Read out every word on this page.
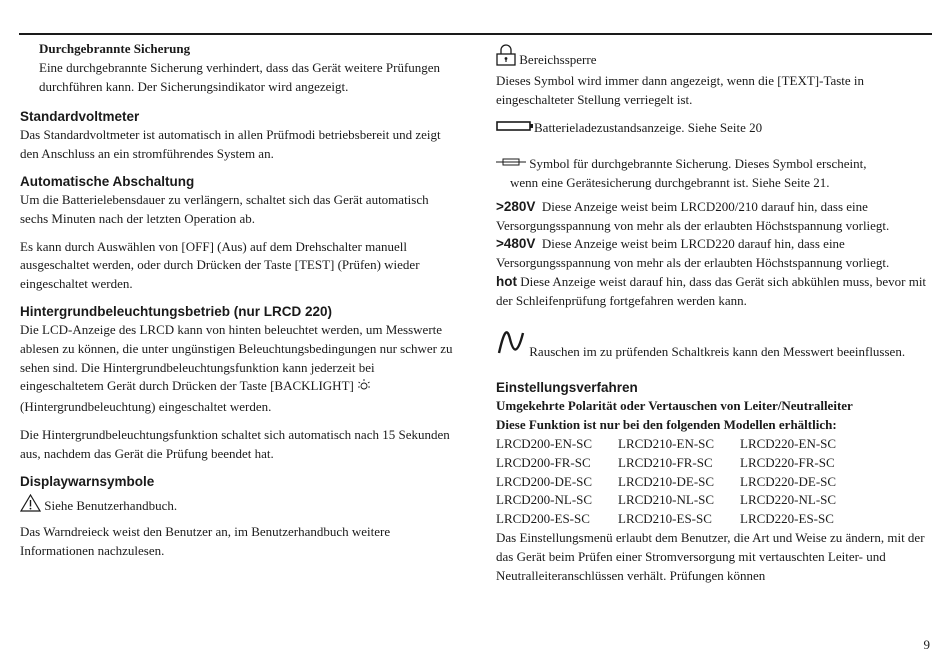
Durchgebrannte Sicherung

Eine durchgebrannte Sicherung verhindert, dass das Gerät weitere Prüfungen durchführen kann. Der Sicherungsindikator wird angezeigt.

Standardvoltmeter

Das Standardvoltmeter ist automatisch in allen Prüfmodi betriebsbereit und zeigt den Anschluss an ein stromführendes System an.

Automatische Abschaltung

Um die Batterielebensdauer zu verlängern, schaltet sich das Gerät automatisch sechs Minuten nach der letzten Operation ab.

Es kann durch Auswählen von [OFF] (Aus) auf dem Drehschalter manuell ausgeschaltet werden, oder durch Drücken der Taste [TEST] (Prüfen) wieder eingeschaltet werden.

Hintergrundbeleuchtungsbetrieb (nur LRCD 220)

Die LCD-Anzeige des LRCD kann von hinten beleuchtet werden, um Messwerte ablesen zu können, die unter ungünstigen Beleuchtungsbedingungen nur schwer zu sehen sind. Die Hintergrundbeleuchtungsfunktion kann jederzeit bei eingeschaltetem Gerät durch Drücken der Taste [BACKLIGHT]
(Hintergrundbeleuchtung) eingeschaltet werden.

Die Hintergrundbeleuchtungsfunktion schaltet sich automatisch nach 15 Sekunden aus, nachdem das Gerät die Prüfung beendet hat.

Displaywarnsymbole

Siehe Benutzerhandbuch.

Das Warndreieck weist den Benutzer an, im Benutzerhandbuch weitere Informationen nachzulesen.

Bereichssperre

Dieses Symbol wird immer dann angezeigt, wenn die [TEXT]-Taste in eingeschalteter Stellung verriegelt ist.

Batterieladezustandsanzeige. Siehe Seite 20

Symbol für durchgebrannte Sicherung. Dieses Symbol erscheint,

wenn eine Gerätesicherung durchgebrannt ist. Siehe Seite 21.

>280V Diese Anzeige weist beim LRCD200/210 darauf hin, dass eine Versorgungsspannung von mehr als der erlaubten Höchstspannung vorliegt.

>480V Diese Anzeige weist beim LRCD220 darauf hin, dass eine Versorgungsspannung von mehr als der erlaubten Höchstspannung vorliegt.

hot Diese Anzeige weist darauf hin, dass das Gerät sich abkühlen muss, bevor mit der Schleifenprüfung fortgefahren werden kann.

Rauschen im zu prüfenden Schaltkreis kann den Messwert beeinflussen.

Einstellungsverfahren

Umgekehrte Polarität oder Vertauschen von Leiter/Neutralleiter

Diese Funktion ist nur bei den folgenden Modellen erhältlich:

LRCD200-EN-SC	LRCD210-EN-SC	LRCD220-EN-SC
LRCD200-FR-SC	LRCD210-FR-SC	LRCD220-FR-SC
LRCD200-DE-SC	LRCD210-DE-SC	LRCD220-DE-SC
LRCD200-NL-SC	LRCD210-NL-SC	LRCD220-NL-SC
LRCD200-ES-SC	LRCD210-ES-SC	LRCD220-ES-SC

Das Einstellungsmenü erlaubt dem Benutzer, die Art und Weise zu ändern, mit der das Gerät beim Prüfen einer Stromversorgung mit vertauschten Leiter- und Neutralleiteranschlüssen verhält. Prüfungen können

9
